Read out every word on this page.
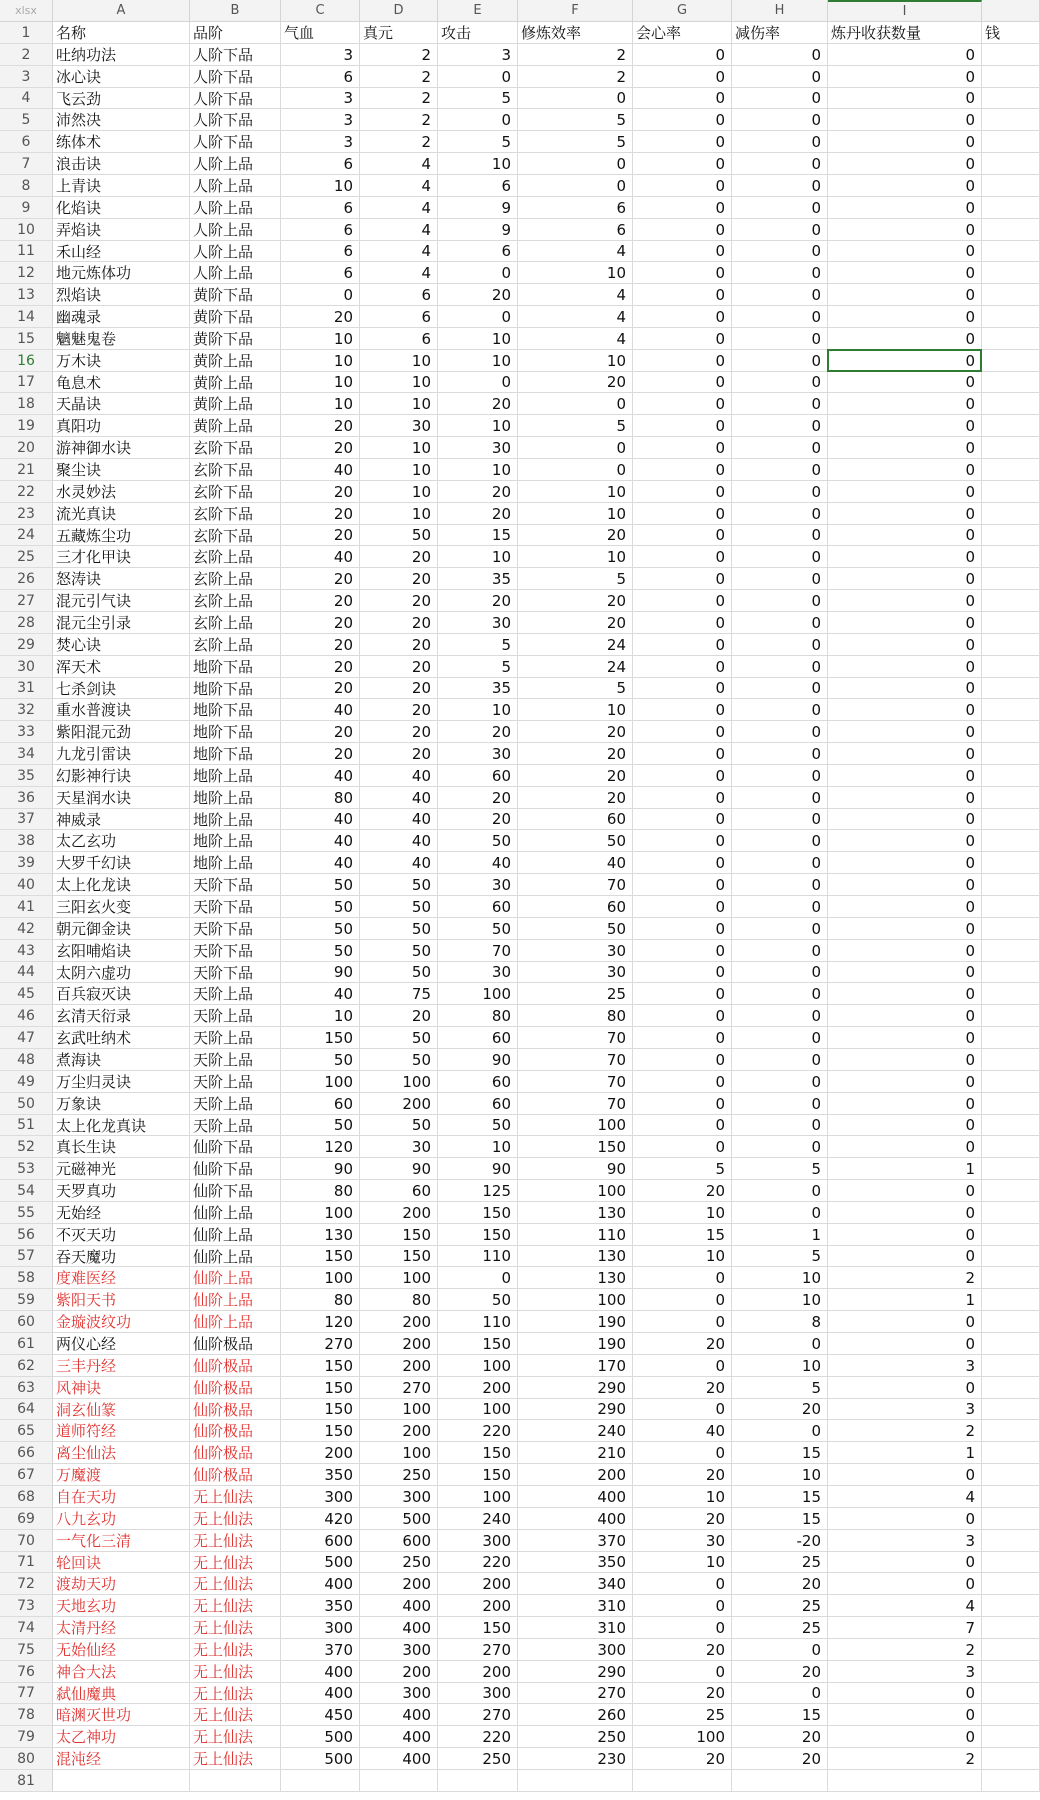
xlsx	A	B	C	D	E	F	G	H	I
1	名称	品阶	气血	真元	攻击	修炼效率	会心率	减伤率	炼丹收获数量	钱
2	吐纳功法	人阶下品	3	2	3	2	0	0	0
3	冰心诀	人阶下品	6	2	0	2	0	0	0
4	飞云劲	人阶下品	3	2	5	0	0	0	0
5	沛然决	人阶下品	3	2	0	5	0	0	0
6	练体术	人阶下品	3	2	5	5	0	0	0
7	浪击诀	人阶上品	6	4	10	0	0	0	0
8	上青诀	人阶上品	10	4	6	0	0	0	0
9	化焰诀	人阶上品	6	4	9	6	0	0	0
10	弄焰诀	人阶上品	6	4	9	6	0	0	0
11	禾山经	人阶上品	6	4	6	4	0	0	0
12	地元炼体功	人阶上品	6	4	0	10	0	0	0
13	烈焰诀	黄阶下品	0	6	20	4	0	0	0
14	幽魂录	黄阶下品	20	6	0	4	0	0	0
15	魑魅鬼卷	黄阶下品	10	6	10	4	0	0	0
16	万木诀	黄阶上品	10	10	10	10	0	0	0
17	龟息术	黄阶上品	10	10	0	20	0	0	0
18	天晶诀	黄阶上品	10	10	20	0	0	0	0
19	真阳功	黄阶上品	20	30	10	5	0	0	0
20	游神御水诀	玄阶下品	20	10	30	0	0	0	0
21	聚尘诀	玄阶下品	40	10	10	0	0	0	0
22	水灵妙法	玄阶下品	20	10	20	10	0	0	0
23	流光真诀	玄阶下品	20	10	20	10	0	0	0
24	五藏炼尘功	玄阶下品	20	50	15	20	0	0	0
25	三才化甲诀	玄阶上品	40	20	10	10	0	0	0
26	怒涛诀	玄阶上品	20	20	35	5	0	0	0
27	混元引气诀	玄阶上品	20	20	20	20	0	0	0
28	混元尘引录	玄阶上品	20	20	30	20	0	0	0
29	焚心诀	玄阶上品	20	20	5	24	0	0	0
30	浑天术	地阶下品	20	20	5	24	0	0	0
31	七杀剑诀	地阶下品	20	20	35	5	0	0	0
32	重水普渡诀	地阶下品	40	20	10	10	0	0	0
33	紫阳混元劲	地阶下品	20	20	20	20	0	0	0
34	九龙引雷诀	地阶下品	20	20	30	20	0	0	0
35	幻影神行诀	地阶上品	40	40	60	20	0	0	0
36	天星润水诀	地阶上品	80	40	20	20	0	0	0
37	神威录	地阶上品	40	40	20	60	0	0	0
38	太乙玄功	地阶上品	40	40	50	50	0	0	0
39	大罗千幻诀	地阶上品	40	40	40	40	0	0	0
40	太上化龙诀	天阶下品	50	50	30	70	0	0	0
41	三阳玄火变	天阶下品	50	50	60	60	0	0	0
42	朝元御金诀	天阶下品	50	50	50	50	0	0	0
43	玄阳哺焰诀	天阶下品	50	50	70	30	0	0	0
44	太阴六虚功	天阶下品	90	50	30	30	0	0	0
45	百兵寂灭诀	天阶上品	40	75	100	25	0	0	0
46	玄清天衍录	天阶上品	10	20	80	80	0	0	0
47	玄武吐纳术	天阶上品	150	50	60	70	0	0	0
48	煮海诀	天阶上品	50	50	90	70	0	0	0
49	万尘归灵诀	天阶上品	100	100	60	70	0	0	0
50	万象诀	天阶上品	60	200	60	70	0	0	0
51	太上化龙真诀	天阶上品	50	50	50	100	0	0	0
52	真长生诀	仙阶下品	120	30	10	150	0	0	0
53	元磁神光	仙阶下品	90	90	90	90	5	5	1
54	天罗真功	仙阶下品	80	60	125	100	20	0	0
55	无始经	仙阶上品	100	200	150	130	10	0	0
56	不灭天功	仙阶上品	130	150	150	110	15	1	0
57	吞天魔功	仙阶上品	150	150	110	130	10	5	0
58	度难医经	仙阶上品	100	100	0	130	0	10	2
59	紫阳天书	仙阶上品	80	80	50	100	0	10	1
60	金璇波纹功	仙阶上品	120	200	110	190	0	8	0
61	两仪心经	仙阶极品	270	200	150	190	20	0	0
62	三丰丹经	仙阶极品	150	200	100	170	0	10	3
63	风神诀	仙阶极品	150	270	200	290	20	5	0
64	洞玄仙篆	仙阶极品	150	100	100	290	0	20	3
65	道师符经	仙阶极品	150	200	220	240	40	0	2
66	离尘仙法	仙阶极品	200	100	150	210	0	15	1
67	万魔渡	仙阶极品	350	250	150	200	20	10	0
68	自在天功	无上仙法	300	300	100	400	10	15	4
69	八九玄功	无上仙法	420	500	240	400	20	15	0
70	一气化三清	无上仙法	600	600	300	370	30	-20	3
71	轮回诀	无上仙法	500	250	220	350	10	25	0
72	渡劫天功	无上仙法	400	200	200	340	0	20	0
73	天地玄功	无上仙法	350	400	200	310	0	25	4
74	太清丹经	无上仙法	300	400	150	310	0	25	7
75	无始仙经	无上仙法	370	300	270	300	20	0	2
76	神合大法	无上仙法	400	200	200	290	0	20	3
77	弑仙魔典	无上仙法	400	300	300	270	20	0	0
78	暗渊灭世功	无上仙法	450	400	270	260	25	15	0
79	太乙神功	无上仙法	500	400	220	250	100	20	0
80	混沌经	无上仙法	500	400	250	230	20	20	2
81
